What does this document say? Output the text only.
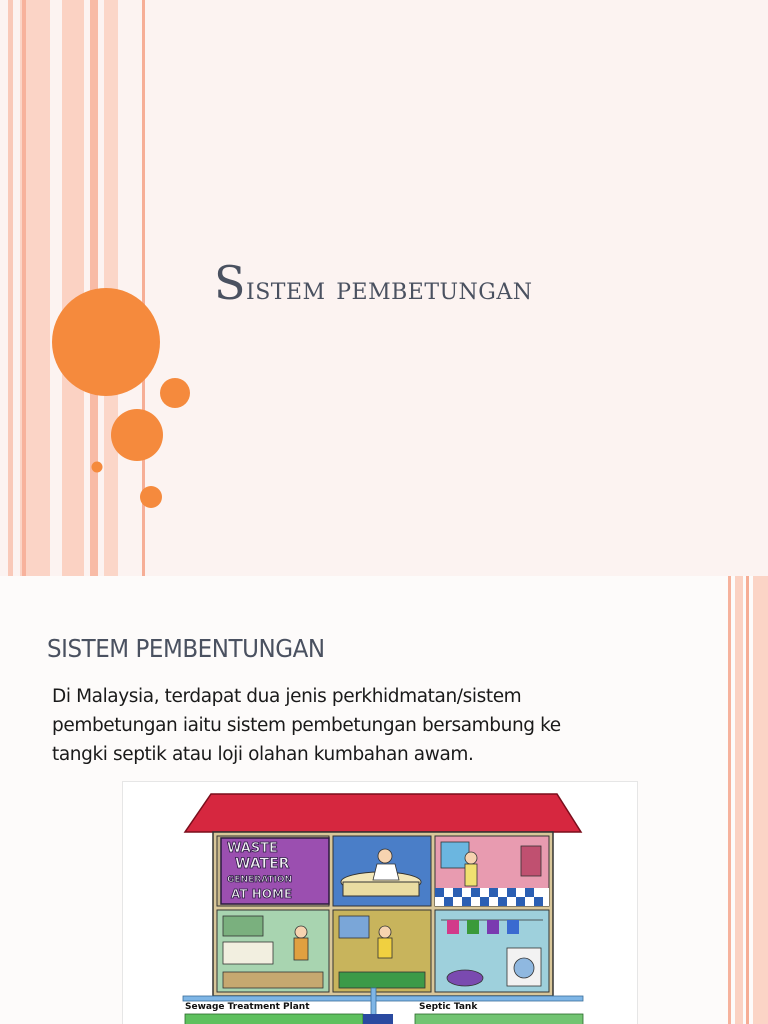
Sistem pembetungan
SISTEM PEMBENTUNGAN

Di Malaysia, terdapat dua jenis perkhidmatan/sistem

pembetungan iaitu sistem pembetungan bersambung ke

tangki septik atau loji olahan kumbahan awam.

WASTE
WATER
GENERATION
AT HOME
Sewage Treatment Plant	Septic Tank
